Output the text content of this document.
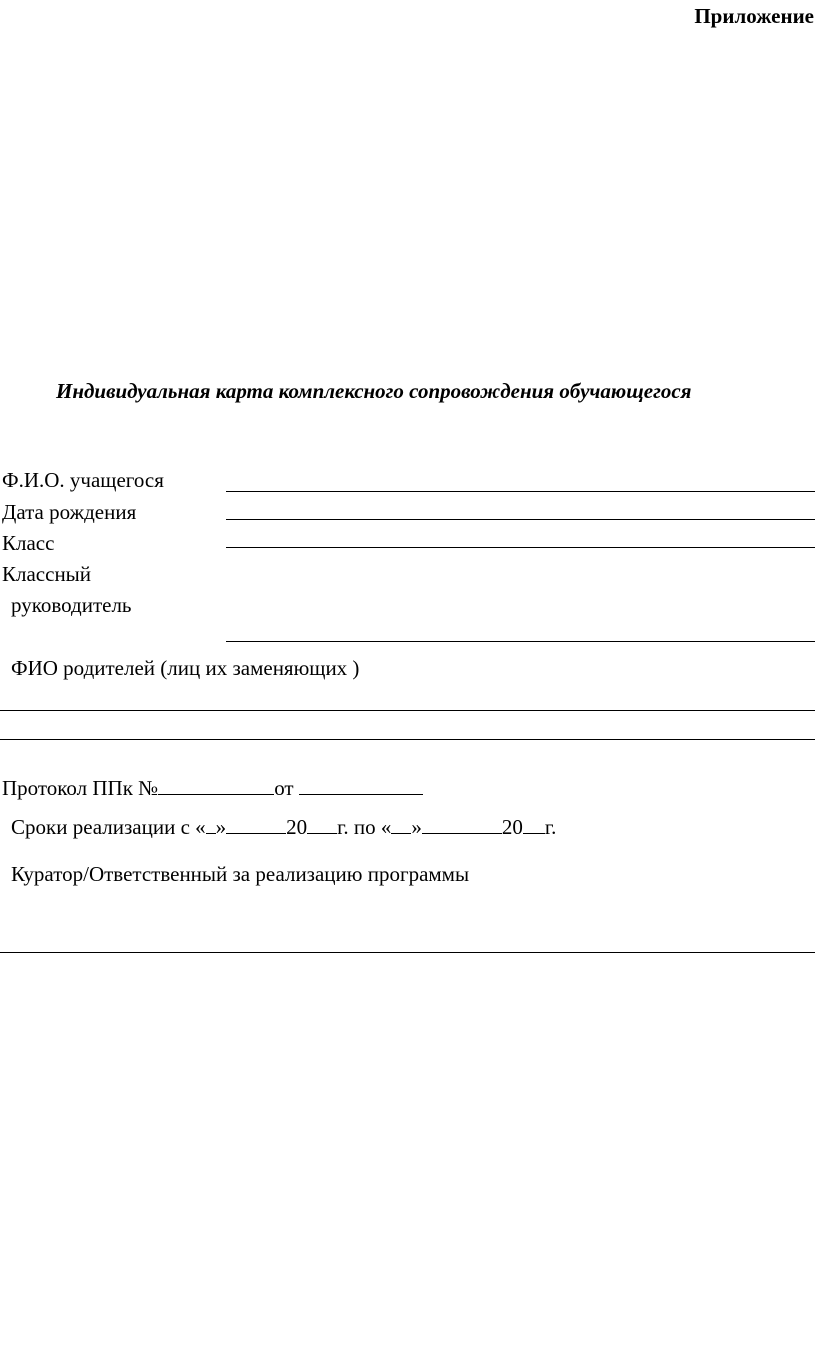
Приложение
Индивидуальная карта комплексного сопровождения обучающегося
Ф.И.О. учащегося
Дата рождения
Класс
Классный
руководитель
ФИО родителей (лиц их заменяющих )
Протокол ППк №	от
Сроки реализации с « »	20 г. по « »	20 г.
Куратор/Ответственный за реализацию программы
